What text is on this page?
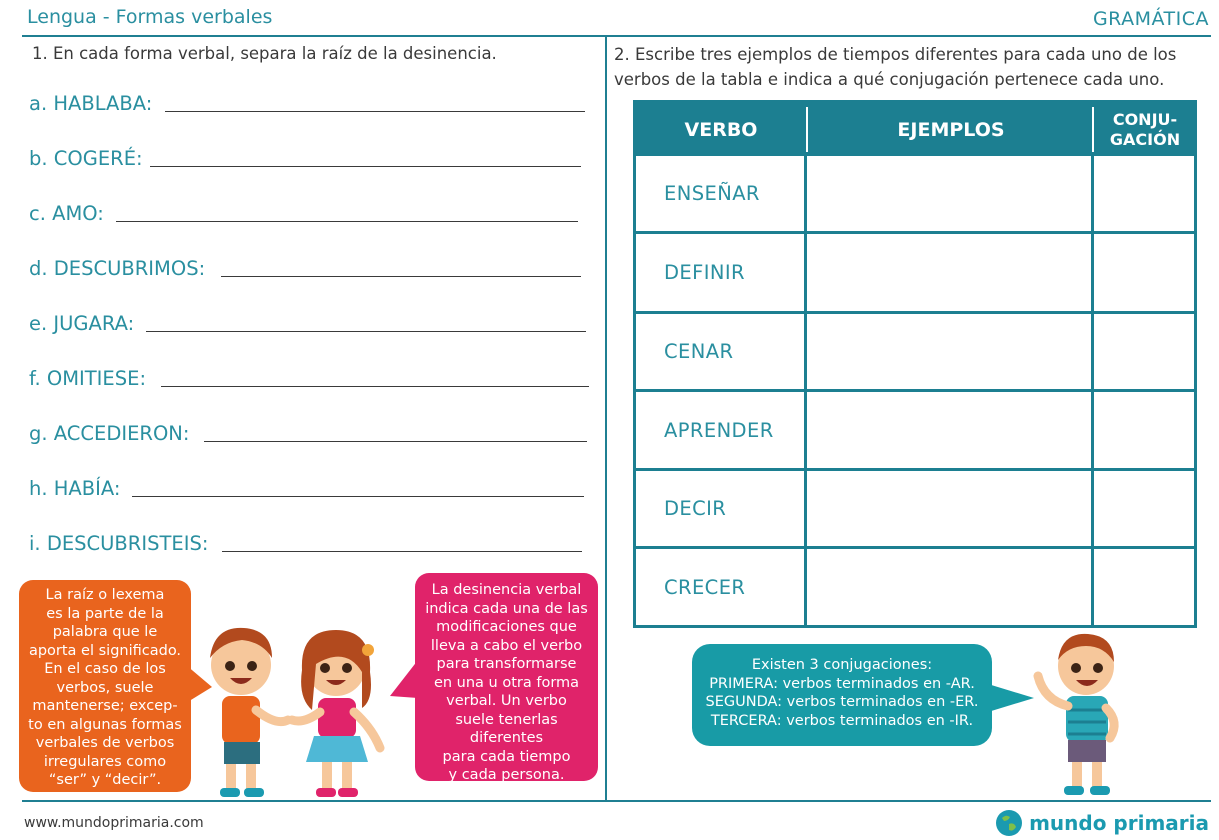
Lengua - Formas verbales	GRAMÁTICA
1. En cada forma verbal, separa la raíz de la desinencia.
a. HABLABA:
b. COGERÉ:
c. AMO:
d. DESCUBRIMOS:
e. JUGARA:
f. OMITIESE:
g. ACCEDIERON:
h. HABÍA:
i. DESCUBRISTEIS:
2. Escribe tres ejemplos de tiempos diferentes para cada uno de los
verbos de la tabla e indica a qué conjugación pertenece cada uno.
VERBO	EJEMPLOS	CONJU-
GACIÓN
ENSEÑAR
DEFINIR
CENAR
APRENDER
DECIR
CRECER
La raíz o lexema
es la parte de la
palabra que le
aporta el significado.
En el caso de los
verbos, suele
mantenerse; excep-
to en algunas formas
verbales de verbos
irregulares como
“ser” y “decir”.
La desinencia verbal
indica cada una de las
modificaciones que
lleva a cabo el verbo
para transformarse
en una u otra forma
verbal. Un verbo
suele tenerlas diferentes
para cada tiempo
y cada persona.
Existen 3 conjugaciones:
PRIMERA: verbos terminados en -AR.
SEGUNDA: verbos terminados en -ER.
TERCERA: verbos terminados en -IR.
www.mundoprimaria.com	mundo primaria
